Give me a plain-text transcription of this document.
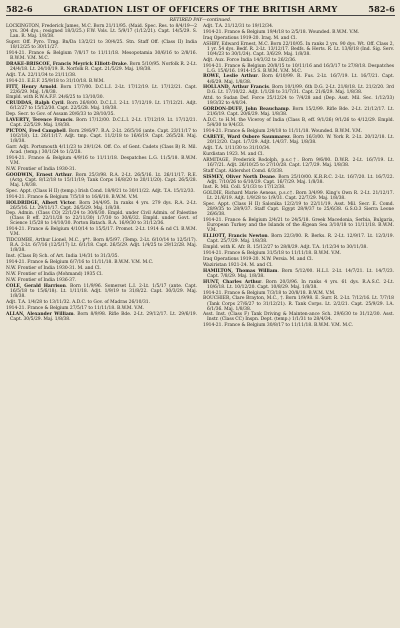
582-6	GRADATION LIST OF OFFICERS OF THE BRITISH ARMY	582-6
RETIRED PAY—continued.

LOCKINGTON, Frederick James, M.C. Born 21/11/95. (Maid. Spec. Res. to 8/4/19—2 yrs. 304 dys.; resigned 18/3/25.) F.W. Vols. Lt. 5/9/17 (1/12/21). Capt. 14/5/29. S. Lan. R. Maj. 1/8/38.

Supvr. Off. Pyro. Trng. Bn/Da 13/2/21 to 30/4/25. Stn. Staff Off. (Class II) India 18/12/25 to 30/11/27.

1914-21. France & Belgium 7/8/17 to 11/11/18. Mesopotamia 30/6/16 to 2/8/16. B.W.M. V.M. M.C.

DRAKE-BRISCOE, Francis Meyrick Elliott-Drake. Born 5/10/95. Norfolk R. 2-Lt. 24/4/18. Lt. 24/10/19. R. Norfolk R. Capt. 21/5/29. Maj. 1/8/38.

Adjt. T.A. 22/11/34 to 21/11/38.

1914-21. E.E.F. 25/9/18 to 31/10/18. B.W.M.

FITT, Henry Arnold. Born 17/7/00. D.C.L.I. 2-Lt. 17/12/19. Lt. 17/12/21. Capt. 22/6/29. Maj. 1/8/38.

Empld. with R.W.A.F.F. 24/6/25 to 13/10/30.

CRUDDAS, Ralph Cyril. Born 26/8/00. D.C.L.I. 2-Lt. 17/12/19. Lt. 17/12/21. Adjt. 6/12/27 to 15/12/30. Capt. 22/5/28. Maj. 1/8/38.

Dep. Secr. to Gov. of Assam 20/6/33 to 28/10/35.

LAVERTY, Terence Francis. Born 17/12/00. D.C.L.I. 2-Lt. 17/12/19. Lt. 17/12/21. Capt. 22/5/29. Maj. 1/8/38.

PICTON, Fred Campbell. Born 29/6/97. R.A. 2-Lt. 26/5/16 (ante. Capt. 23/11/17 to 10/2/18). Lt. 26/11/17. Adjt. tmp. Capt. 11/2/18 to 16/6/19. Capt. 26/5/28. Maj. 1/8/38.

Garr. Adjt. Portsmouth 4/11/23 to 29/1/24. Off. Co. of Gent. Cadets (Class B) R. Mil. Acad. (temp.) 30/1/24 to 1/2/28.

1914-21. France & Belgium 4/9/16 to 11/11/18. Despatches L.G. 11/5/18. B.W.M. V.M.

N.W. Frontier of India 1930-31.

GOODWIN, Ernest Arthur. Born 25/3/98. R.A. 2-Lt. 26/5/16. Lt. 26/11/17. R.E. (Actg. Capt. 8/12/18 to 15/11/19; Tank Corps 16/8/20 to 20/11/20). Capt. 26/5/28. Maj. 1/8/38.

Spec. Appt. (Class H II) (temp.) Irish Cond. 18/9/21 to 30/11/22. Adjt. T.A. 15/12/33.

1914-21. France & Belgium 7/5/18 to 16/6/18. B.W.M. V.M.

HOLDRIDGE, Albert Victor. Born 24/4/95. In ranks 4 yrs. 279 dys. R.A. 2-Lt. 26/5/16. Lt. 29/11/17. Capt. 26/5/29. Maj. 1/8/38.

Dep. Admin. (Class CO) 22/1/24 to 30/6/30. Empld. under Civil Admin. of Palestine (Class B eff. 22/11/28 to 22/11/30) 1/7/30 to 30/6/32. Empld. under Govt. of Science 1/5/28 to 14/10/30. Porton Batach. R.A. 16/9/30 to 31/12/36.

1914-21. France & Belgium 4/10/14 to 15/5/17. Promot. 2-Lt. 1914 & nd Cl. B.W.M. V.M.

TIDCOMBE, Arthur Lionel, M.C., p*†. Born 8/5/97. (Temp. 2-Lt. 6/10/14 to 12/5/17). R.A. 2-Lt. 6/7/16 (12/5/17) Lt. 6/1/18. Capt. 26/5/29. Adjt. 1/4/25 to 29/12/28. Maj. 1/8/38.

Inst. (Class B) Sch. of Art. India 1/4/31 to 31/3/35.

1914-21. France & Belgium 6/7/16 to 11/11/18. B.W.M. V.M. M.C.

N.W. Frontier of India 1930-31. M. and Cl.

N.W. Frontier of India (Mohmand) 1935 Cl.

N.W. Frontier of India 1936-37.

COLE, Gerald Harrison. Born 11/9/96. Somerset L.I. 2-Lt. 1/5/17 (ante. Capt. 16/5/18 to 15/6/18). Lt. 1/11/18. Adjt. 1/9/19 to 31/8/22. Capt. 30/3/29. Maj. 1/8/38.

Adjt. T.A. 1/4/28 to 13/11/32. A.D.C. to Gov. of Madras 26/10/31.

1914-21. France & Belgium 27/5/17 to 11/11/18. B.W.M. V.M.

ALLAN, Alexander William. Born 8/9/98. Rifle Bde. 2-Lt. 29/12/17. Lt. 29/6/19. Capt. 30/5/29. Maj. 1/8/38.

Adjt. T.A. 21/12/31 to 19/12/34.

1914-21. France & Belgium 19/4/18 to 2/5/18. Wounded. B.W.M. V.M.

Iraq Operations 1919-20. Iraq. M. and Cl.

ASHBY, Edward Ernest, M.C. Born 22/10/05. In ranks 2 yrs. 90 dys. Wt. Off. Class 2, 1 yr. 54 dys. Bedf. R. 2-Lt. 13/12/17. Bedfs. & Herts. R. Lt. 13/8/18 (Ind. Sig. Serv. 10/4/23 to 30/1/24). Capt. 3/6/29. Maj. 1/8/38.

Adjt. Aux. Force India 14/3/32 to 26/2/36.

1914-21. France & Belgium 20/8/15 to 10/11/16 and 16/3/17 to 27/8/18. Despatches L.G. 15/6/16. 1914-15 S. B.W.M. V.M. M.C.

ROWE, Leslie Arthur. Born 6/10/99. R. Fus. 2-Lt. 16/7/19. Lt. 16/7/21. Capt. 4/6/29. Maj. 1/8/38.

HOLLAND, Arthur Francis. Born 10/1/99. 6th D.G. 2-Lt. 21/8/18. Lt. 21/2/20. 3rd D.G. Lt. 17/10/22. Adjt. 1/1/28 to 31/7/31. Capt. 21/6/29. Maj. 1/8/38.

Attd. to Sudan Def. Force 25/12/24 to 7/4/28 and (Dep. Asst. Mil. Sec. 1/12/33) 19/3/32 to 4/8/34.

GORDON-DUFF, John Beauchamp. Born 15/2/99. Rifle Bde. 2-Lt. 21/12/17. Lt. 21/6/19. Capt. 20/6/29. Maj. 1/8/38.

A.D.C. to H.M. the Viceroy of India (Class B, eff. 9/1/26) 9/1/26 to 4/12/29. Empld. 5/4/30 to 9/4/33.

1914-21. France & Belgium 2/4/18 to 11/11/18. Wounded. B.W.M. V.M.

CAREYE, Ward Osbore Saunmarez. Born 16/3/00. W. York R. 2-Lt. 20/12/18. Lt. 20/12/20. Capt. 1/7/29. Adjt. 1/4/37. Maj. 1/8/38.

Adjt. T.A. 1/11/30 to 31/10/34.

Kurdistan 1923. M. and Cl.

ARMITAGE, Frederick Rodolph, p.s.c†. Born 9/6/00. D.W.R. 2-Lt. 16/7/19. Lt. 16/7/21. Adjt. 26/10/25 to 27/10/28. Capt. 12/7/29. Maj. 1/8/38.

Staff Capt. Aldershot Comd. 6/3/38.

SISMEY, Oliver North Deane. Born 25/10/00. K.R.R.C. 2-Lt. 16/7/20. Lt. 16/7/22. Adjt. 7/10/26 to 6/10/29. Capt. 16/7/29. Maj. 1/8/38.

Inst. R. Mil. Coll. 5/1/33 to 17/12/38.

GOLDIE, Richard Marie Aeneas, p.s.c†. Born 3/4/99. King's Own R. 2-Lt. 21/12/17. Lt. 21/6/19. Adjt. 1/9/28 to 1/9/31. Capt. 22/7/29. Maj. 1/8/38.

Spec. Appt. (Class H II) Salonika 12/2/19 to 22/11/19. Asst. Mil. Secr. E. Comd. 28/9/35 to 28/9/37. Staff Capt. Egypt 28/9/37 to 25/6/38. G.S.O.3 Sierra Leone 26/6/38.

1914-21. France & Belgium 2/4/21 to 24/5/18. Greek Macedonia, Serbia, Bulgaria, European Turkey and the Islands of the Ægean Sea 3/10/18 to 11/11/18. B.W.M. V.M.

ELLIOTT, Francis Newton. Born 22/3/00. R. Berks. R. 2-Lt. 12/9/17. Lt. 12/3/19. Capt. 25/7/29. Maj. 1/8/38.

Empld. with K. Afr. R. 15/12/27 to 28/8/29. Adjt. T.A. 1/12/34 to 30/11/38.

1914-21. France & Belgium 31/5/18 to 11/11/18. B.W.M. V.M.

Iraq Operations 1919-20. N.W. Persia. M. and Cl.

Waziristan 1921-24. M. and Cl.

HAMILTON, Thomas William. Born 5/12/00. H.L.I. 2-Lt. 14/7/21. Lt. 14/7/23. Capt. 7/8/29. Maj. 1/8/38.

HUNT, Charles Arthur. Born 20/3/96. In ranks 4 yrs. 61 dys. R.A.S.C. 2-Lt. 10/6/18. Lt. 10/12/20. Capt. 10/8/29. Maj. 1/8/38.

1914-21. France & Belgium 7/3/18 to 20/8/18. B.W.M. V.M.

BOUCHIER, Clare Brayton, M.C., †. Born 1/9/98. E. Surr. R. 2-Lt. 7/12/16. Lt. 7/7/18 (Tank Corps 27/6/27 to 31/12/21). R. Tank Corps. Lt. 2/2/21. Capt. 25/9/29. I.A. 6/1/36. Maj. 1/8/38.

Asst. Inst. (Class F) Tank Driving & Mainten-ance Sch. 29/6/30 to 31/12/30. Asst. Instr. (Class CC) Inspn. Dept. (temp.) 1/1/31 to 28/4/34.

1914-21. France & Belgium 30/8/17 to 11/11/18. B.W.M. V.M. M.C.
